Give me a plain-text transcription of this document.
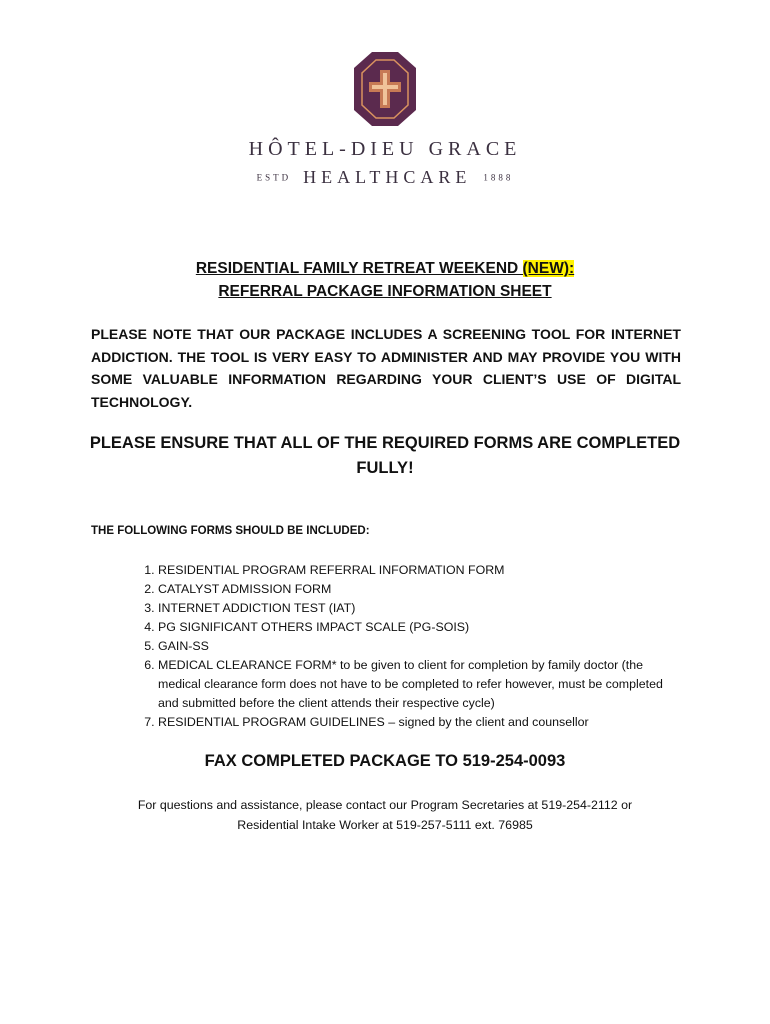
HÔTEL-DIEU GRACE
ESTD HEALTHCARE 1888
RESIDENTIAL FAMILY RETREAT WEEKEND (NEW):
REFERRAL PACKAGE INFORMATION SHEET
PLEASE NOTE THAT OUR PACKAGE INCLUDES A SCREENING TOOL FOR INTERNET ADDICTION. THE TOOL IS VERY EASY TO ADMINISTER AND MAY PROVIDE YOU WITH SOME VALUABLE INFORMATION REGARDING YOUR CLIENT’S USE OF DIGITAL TECHNOLOGY.
PLEASE ENSURE THAT ALL OF THE REQUIRED FORMS ARE COMPLETED FULLY!
THE FOLLOWING FORMS SHOULD BE INCLUDED:
1. RESIDENTIAL PROGRAM REFERRAL INFORMATION FORM
2. CATALYST ADMISSION FORM
3. INTERNET ADDICTION TEST (IAT)
4. PG SIGNIFICANT OTHERS IMPACT SCALE (PG-SOIS)
5. GAIN-SS
6. MEDICAL CLEARANCE FORM* to be given to client for completion by family doctor (the medical clearance form does not have to be completed to refer however, must be completed and submitted before the client attends their respective cycle)
7. RESIDENTIAL PROGRAM GUIDELINES – signed by the client and counsellor
FAX COMPLETED PACKAGE TO 519-254-0093
For questions and assistance, please contact our Program Secretaries at 519-254-2112 or
Residential Intake Worker at 519-257-5111 ext. 76985
